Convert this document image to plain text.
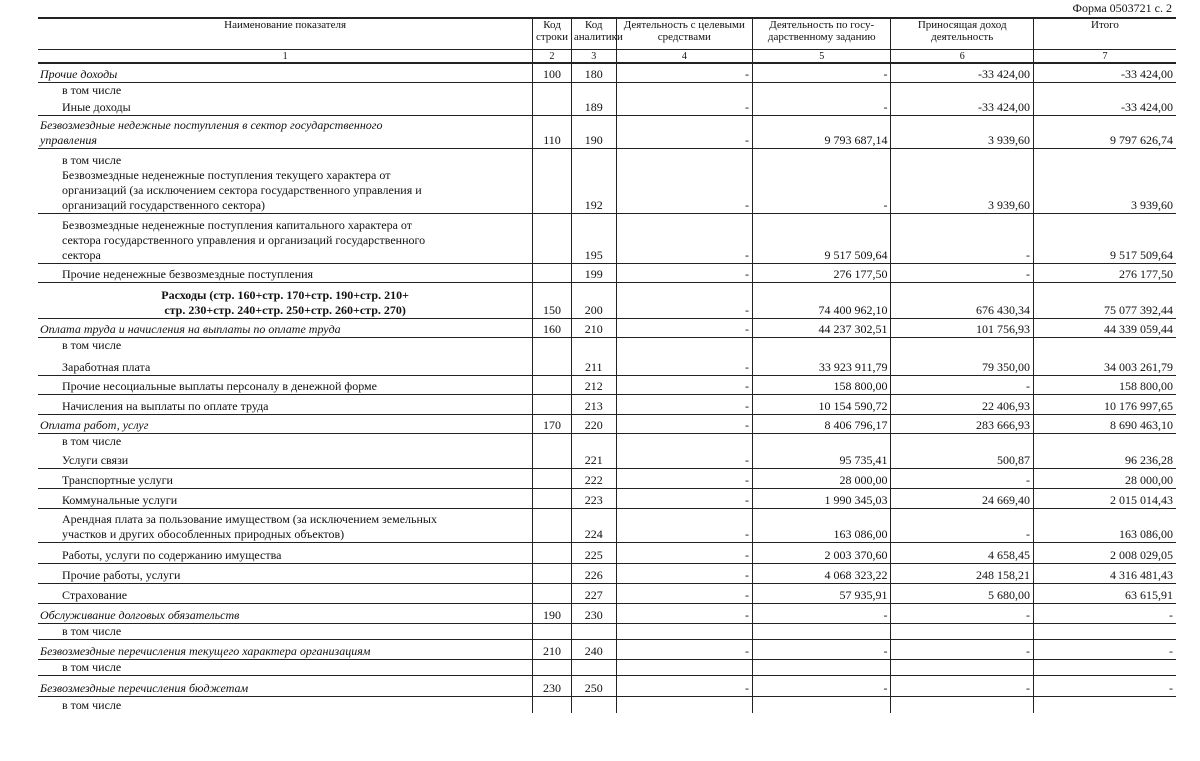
Форма 0503721 с. 2
Наименование показателя	Код строки	Код аналитики	Деятельность с целевыми средствами	Деятельность по госу-дарственному заданию	Приносящая доход деятельность	Итого
1	2	3	4	5	6	7
Прочие доходы	100	180	-	-	-33 424,00	-33 424,00
в том числе						
Иные доходы		189	-	-	-33 424,00	-33 424,00
Безвозмездные недежные поступления в сектор государственного
управления	110	190	-	9 793 687,14	3 939,60	9 797 626,74
в том числе
Безвозмездные неденежные поступления текущего характера от
организаций (за исключением сектора государственного управления и
организаций государственного сектора)		192	-	-	3 939,60	3 939,60
Безвозмездные неденежные поступления капитального характера от
сектора государственного управления и организаций государственного
сектора		195	-	9 517 509,64	-	9 517 509,64
Прочие неденежные безвозмездные поступления		199	-	276 177,50	-	276 177,50
Расходы (стр. 160+стр. 170+стр. 190+стр. 210+
стр. 230+стр. 240+стр. 250+стр. 260+стр. 270)	150	200	-	74 400 962,10	676 430,34	75 077 392,44
Оплата труда и начисления на выплаты по оплате труда	160	210	-	44 237 302,51	101 756,93	44 339 059,44
в том числе						
Заработная плата		211	-	33 923 911,79	79 350,00	34 003 261,79
Прочие несоциальные выплаты персоналу в денежной форме		212	-	158 800,00	-	158 800,00
Начисления на выплаты по оплате труда		213	-	10 154 590,72	22 406,93	10 176 997,65
Оплата работ, услуг	170	220	-	8 406 796,17	283 666,93	8 690 463,10
в том числе						
Услуги связи		221	-	95 735,41	500,87	96 236,28
Транспортные услуги		222	-	28 000,00	-	28 000,00
Коммунальные услуги		223	-	1 990 345,03	24 669,40	2 015 014,43
Арендная плата за пользование имуществом (за исключением земельных
участков и других обособленных природных объектов)		224	-	163 086,00	-	163 086,00
Работы, услуги по содержанию имущества		225	-	2 003 370,60	4 658,45	2 008 029,05
Прочие работы, услуги		226	-	4 068 323,22	248 158,21	4 316 481,43
Страхование		227	-	57 935,91	5 680,00	63 615,91
Обслуживание долговых обязательств	190	230	-	-	-	-
в том числе						
Безвозмездные перечисления текущего характера организациям	210	240	-	-	-	-
в том числе						
Безвозмездные перечисления бюджетам	230	250	-	-	-	-
в том числе						
